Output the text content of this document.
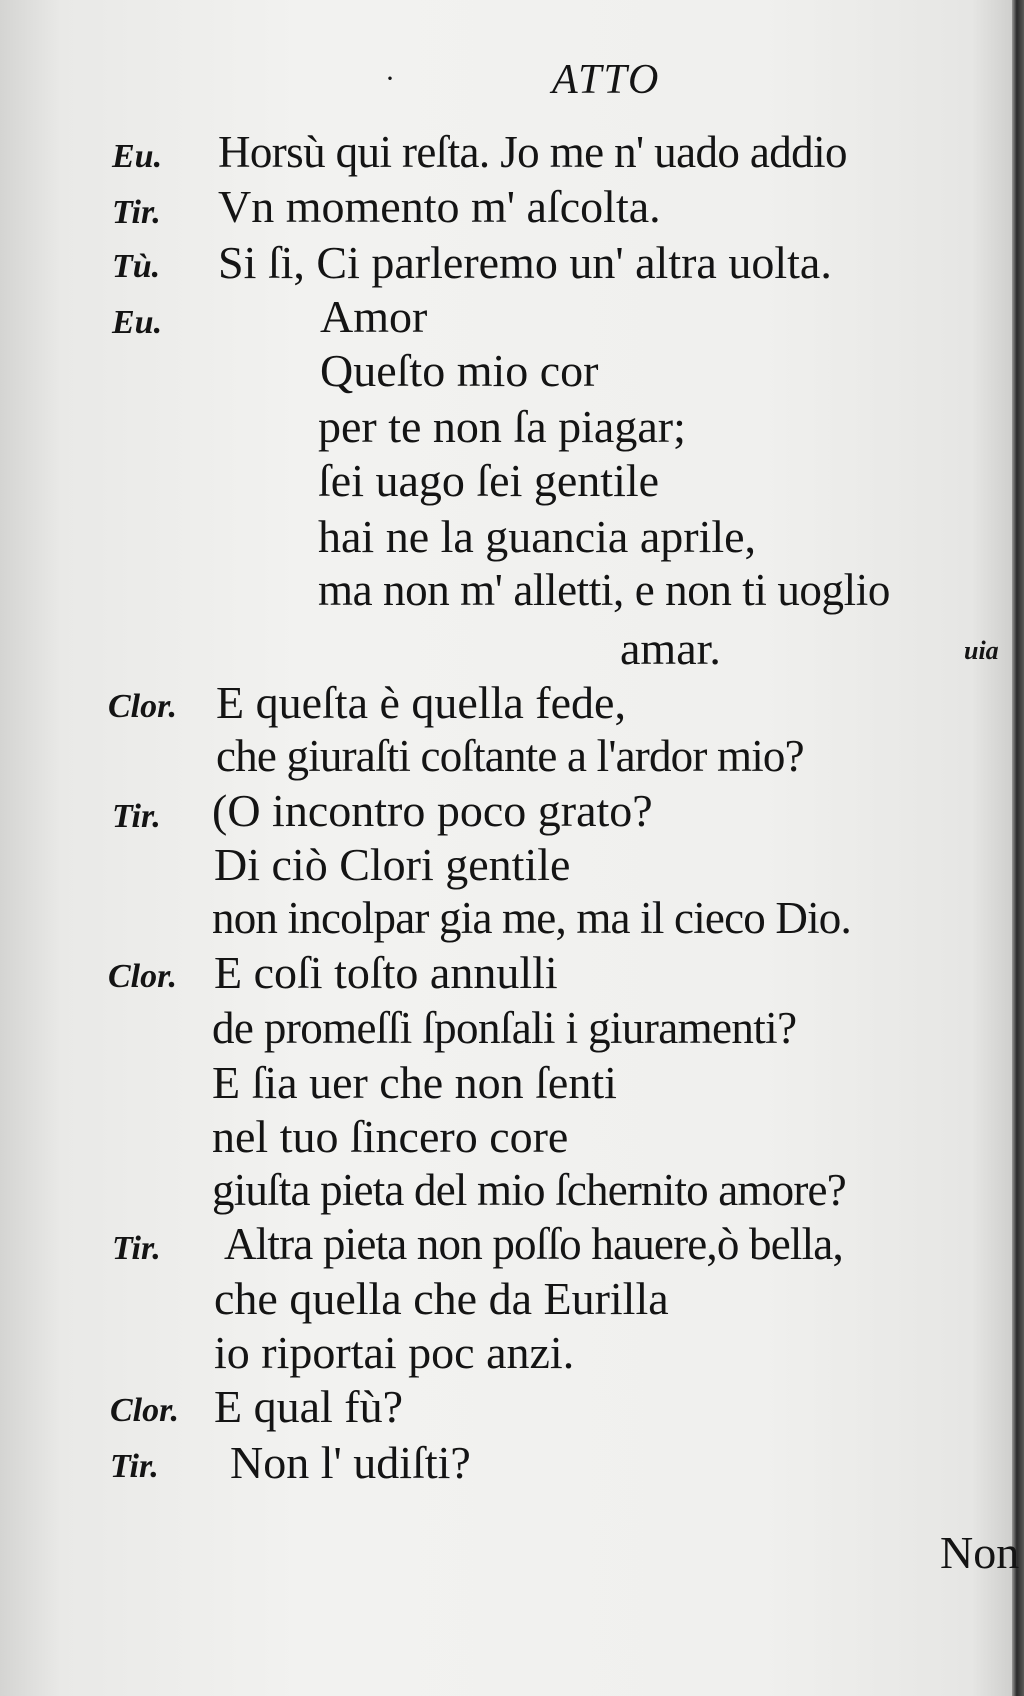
·	ATTO
Eu. Horsù qui reſta. Jo me n' uado addio
Tir. Vn momento m' aſcolta.
Tù. Si ſi, Ci parleremo un' altra uolta.
Eu.	Amor
Queſto mio cor
per te non ſa piagar;
ſei uago ſei gentile
hai ne la guancia aprile,
ma non m' alletti, e non ti uoglio
amar.	uia
Clor. E queſta è quella fede,
che giuraſti coſtante a l'ardor mio?
Tir. (O incontro poco grato?
Di ciò Clori gentile
non incolpar gia me, ma il cieco Dio.
Clor. E coſi toſto annulli
de promeſſi ſponſali i giuramenti?
E ſia uer che non ſenti
nel tuo ſincero core
giuſta pieta del mio ſchernito amore?
Tir. Altra pieta non poſſo hauere,ò bella,
che quella che da Eurilla
io riportai poc anzi.
Clor. E qual fù?
Tir. Non l' udiſti?
Non
